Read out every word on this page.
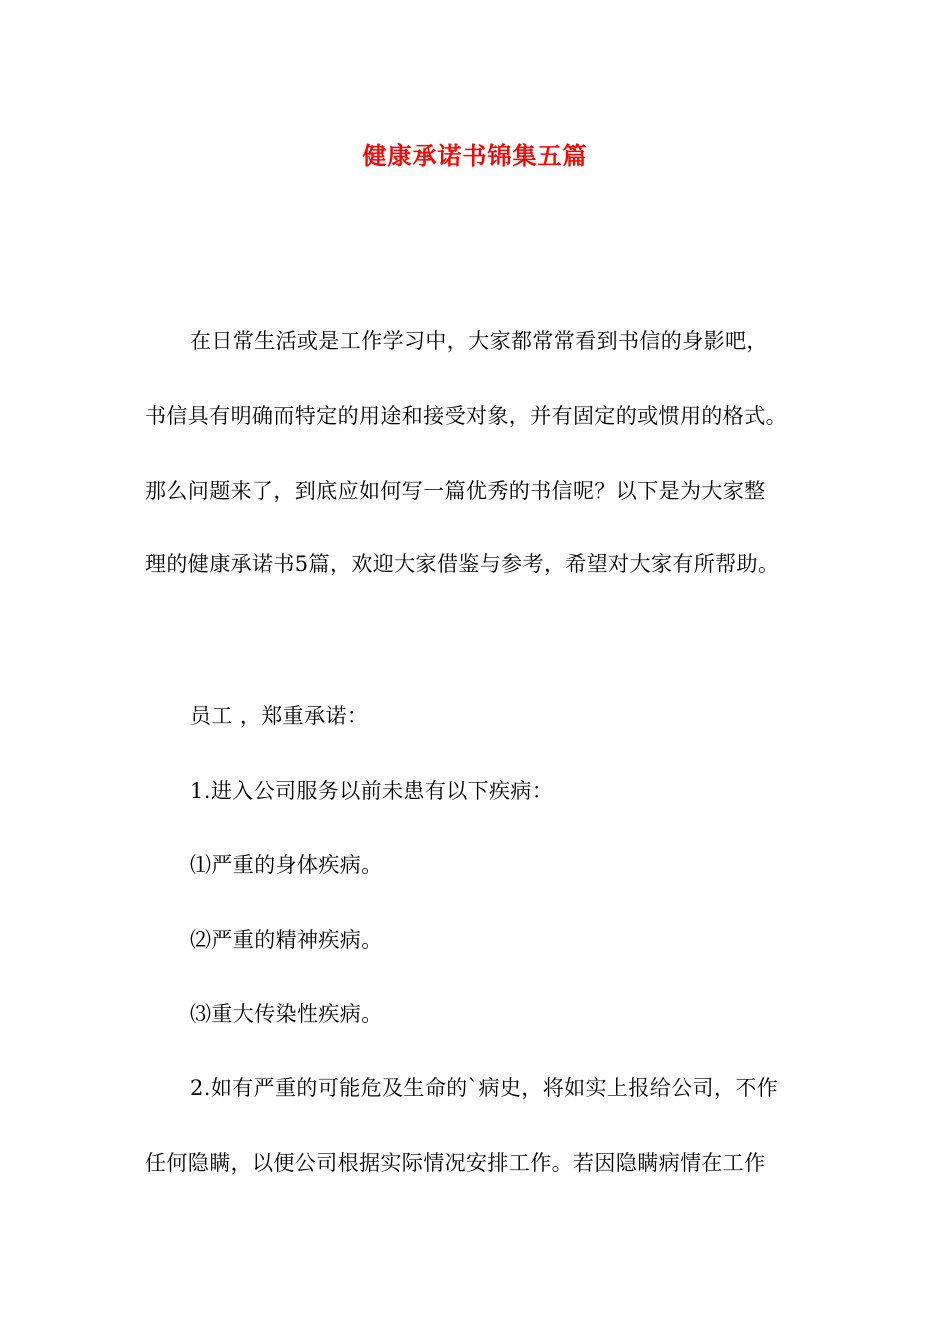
健康承诺书锦集五篇
在日常生活或是工作学习中，大家都常常看到书信的身影吧，
书信具有明确而特定的用途和接受对象，并有固定的或惯用的格式。
那么问题来了，到底应如何写一篇优秀的书信呢？以下是为大家整
理的健康承诺书5篇，欢迎大家借鉴与参考，希望对大家有所帮助。
员工 ，郑重承诺：
1.进入公司服务以前未患有以下疾病：
⑴严重的身体疾病。
⑵严重的精神疾病。
⑶重大传染性疾病。
2.如有严重的可能危及生命的`病史，将如实上报给公司，不作
任何隐瞒，以便公司根据实际情况安排工作。若因隐瞒病情在工作
